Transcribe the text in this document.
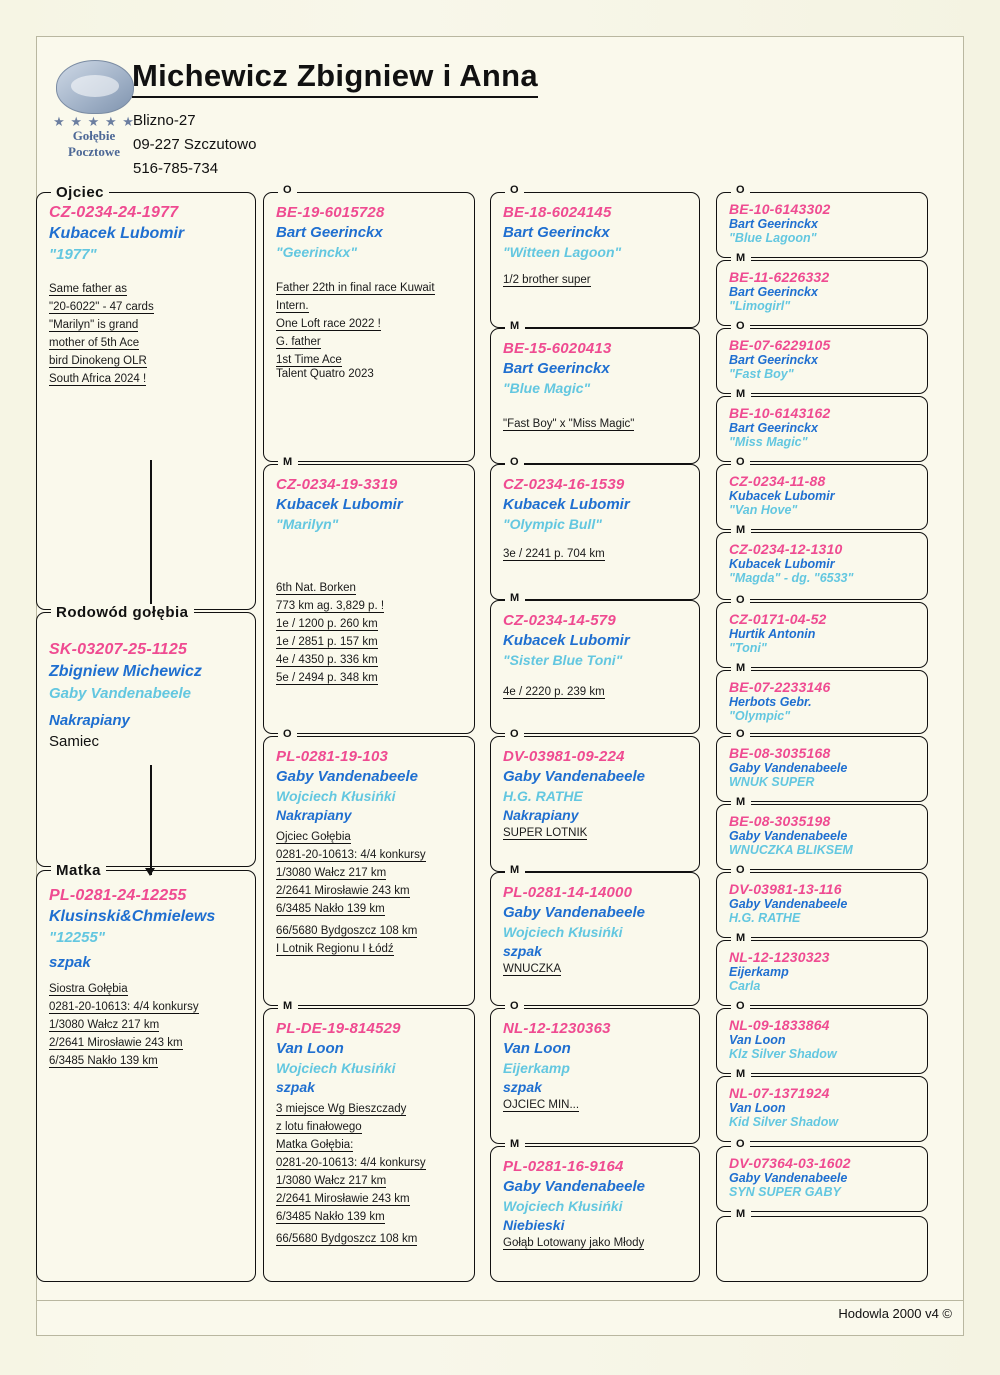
★ ★ ★ ★ ★
Gołębie
Pocztowe
Michewicz Zbigniew i Anna
Blizno-27
09-227 Szczutowo
516-785-734
Ojciec
CZ-0234-24-1977
Kubacek Lubomir
"1977"
Same father as
"20-6022" - 47 cards
"Marilyn" is grand
mother of 5th Ace
bird Dinokeng OLR
South Africa 2024 !
Rodowód gołębia
SK-03207-25-1125
Zbigniew Michewicz
Gaby Vandenabeele
Nakrapiany
Samiec
Matka
PL-0281-24-12255
Klusinski&Chmielews
"12255"
szpak
Siostra Gołębia
0281-20-10613: 4/4 konkursy
1/3080 Wałcz 217 km
2/2641 Mirosławie 243 km
6/3485 Nakło 139 km
O
BE-19-6015728
Bart Geerinckx
"Geerinckx"
Father 22th in final race Kuwait
Intern.
One Loft race 2022 !
G. father
1st Time Ace

Talent Quatro 2023
M
CZ-0234-19-3319
Kubacek Lubomir
"Marilyn"
6th Nat. Borken
773 km ag. 3,829 p. !
1e / 1200 p. 260 km
1e / 2851 p. 157 km
4e / 4350 p. 336 km
5e / 2494 p. 348 km
O
PL-0281-19-103
Gaby Vandenabeele
Wojciech Kłusińki
Nakrapiany
Ojciec Gołębia
0281-20-10613: 4/4 konkursy
1/3080 Wałcz 217 km
2/2641 Mirosławie 243 km
6/3485 Nakło 139 km
66/5680 Bydgoszcz 108 km
I Lotnik Regionu I Łódź
M
PL-DE-19-814529
Van Loon
Wojciech Kłusińki
szpak
3 miejsce Wg Bieszczady
z lotu finałowego
Matka Gołębia:
0281-20-10613: 4/4 konkursy
1/3080 Wałcz 217 km
2/2641 Mirosławie 243 km
6/3485 Nakło 139 km
66/5680 Bydgoszcz 108 km
O
BE-18-6024145
Bart Geerinckx
"Witteen Lagoon"
1/2 brother super
M
BE-15-6020413
Bart Geerinckx
"Blue Magic"
"Fast Boy" x "Miss Magic"
O
CZ-0234-16-1539
Kubacek Lubomir
"Olympic Bull"
3e / 2241 p. 704 km
M
CZ-0234-14-579
Kubacek Lubomir
"Sister Blue Toni"
4e / 2220 p. 239 km
O
DV-03981-09-224
Gaby Vandenabeele
H.G. RATHE
Nakrapiany
SUPER LOTNIK
M
PL-0281-14-14000
Gaby Vandenabeele
Wojciech Kłusińki
szpak
WNUCZKA
O
NL-12-1230363
Van Loon
Eijerkamp
szpak
OJCIEC MIN...
M
PL-0281-16-9164
Gaby Vandenabeele
Wojciech Kłusińki
Niebieski
Gołąb Lotowany jako Młody
O
BE-10-6143302
Bart Geerinckx
"Blue Lagoon"
M
BE-11-6226332
Bart Geerinckx
"Limogirl"
O
BE-07-6229105
Bart Geerinckx
"Fast Boy"
M
BE-10-6143162
Bart Geerinckx
"Miss Magic"
O
CZ-0234-11-88
Kubacek Lubomir
"Van Hove"
M
CZ-0234-12-1310
Kubacek Lubomir
"Magda" - dg. "6533"
O
CZ-0171-04-52
Hurtik Antonin
"Toni"
M
BE-07-2233146
Herbots Gebr.
"Olympic"
O
BE-08-3035168
Gaby Vandenabeele
WNUK SUPER
M
BE-08-3035198
Gaby Vandenabeele
WNUCZKA BLIKSEM
O
DV-03981-13-116
Gaby Vandenabeele
H.G. RATHE
M
NL-12-1230323
Eijerkamp
Carla
O
NL-09-1833864
Van Loon
Klz Silver Shadow
M
NL-07-1371924
Van Loon
Kid Silver Shadow
O
DV-07364-03-1602
Gaby Vandenabeele
SYN SUPER GABY
M
Hodowla 2000 v4 ©
